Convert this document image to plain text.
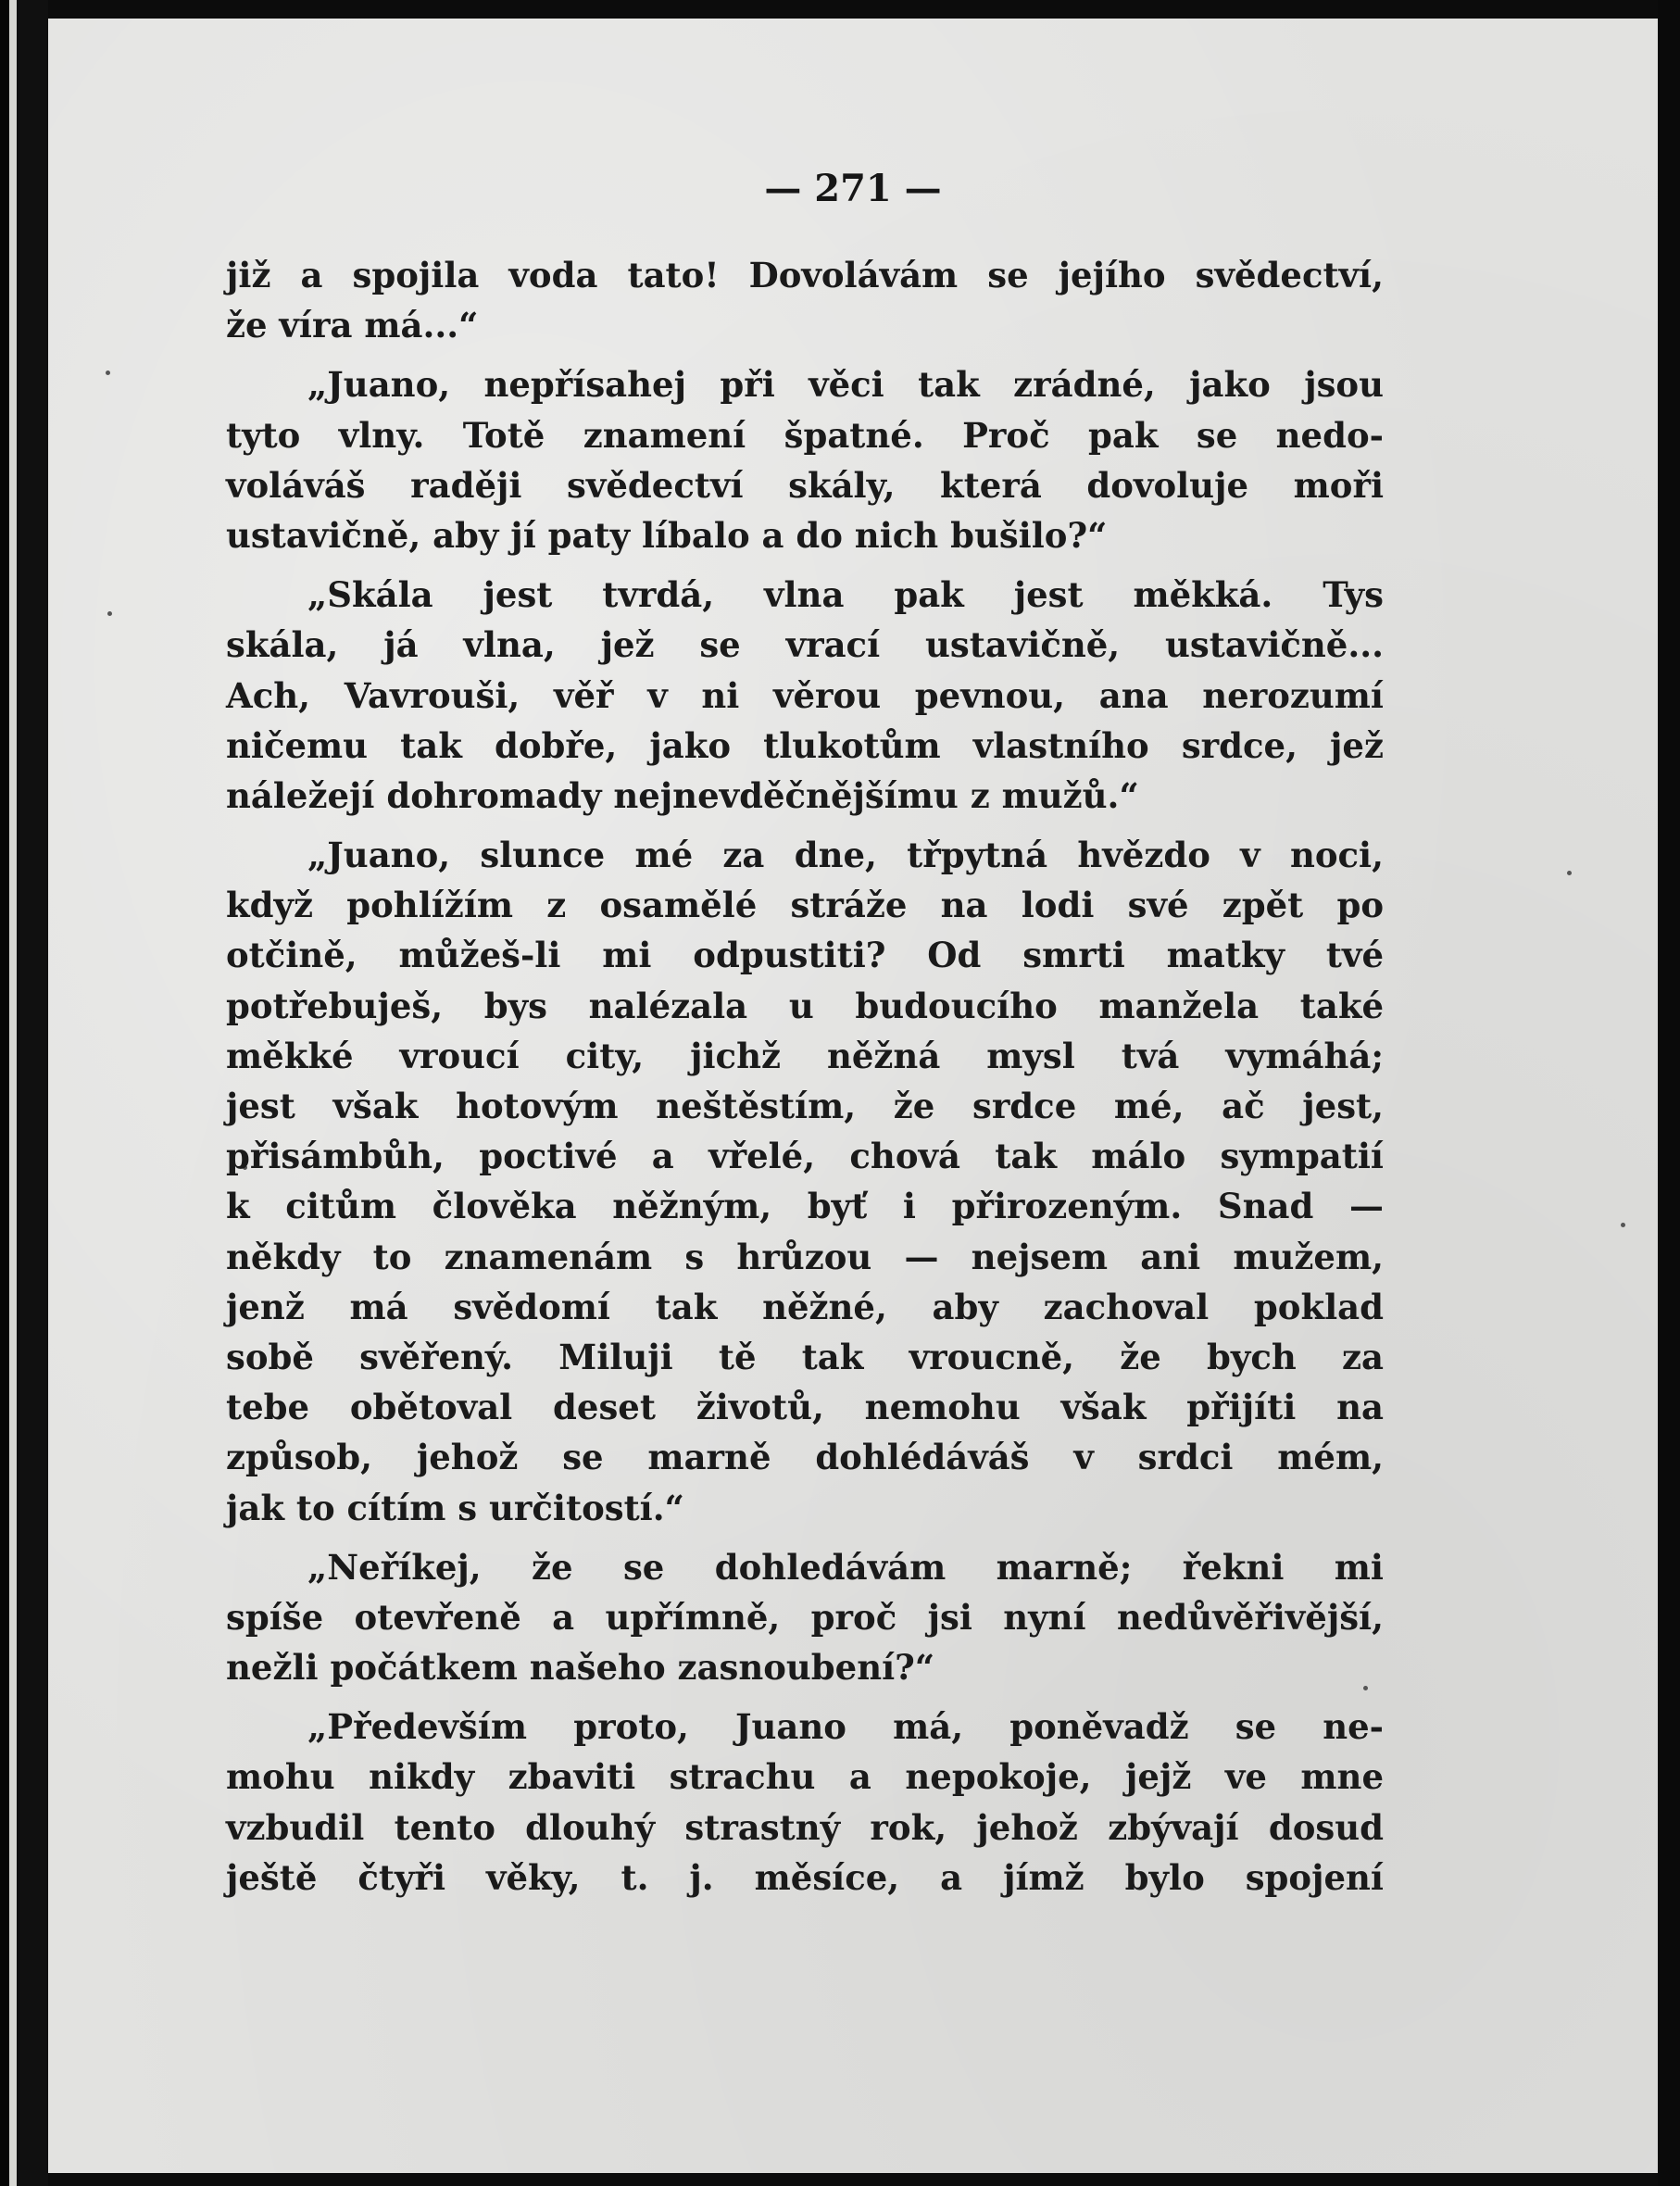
— 271 —
již a spojila voda tato! Dovolávám se jejího svědectví,
že víra má...“
„Juano, nepřísahej při věci tak zrádné, jako jsou
tyto vlny. Totě znamení špatné. Proč pak se nedo-
voláváš raději svědectví skály, která dovoluje moři
ustavičně, aby jí paty líbalo a do nich bušilo?“
„Skála jest tvrdá, vlna pak jest měkká. Tys
skála, já vlna, jež se vrací ustavičně, ustavičně...
Ach, Vavrouši, věř v ni věrou pevnou, ana nerozumí
ničemu tak dobře, jako tlukotům vlastního srdce, jež
náležejí dohromady nejnevděčnějšímu z mužů.“
„Juano, slunce mé za dne, třpytná hvězdo v noci,
když pohlížím z osamělé stráže na lodi své zpět po
otčině, můžeš-li mi odpustiti? Od smrti matky tvé
potřebuješ, bys nalézala u budoucího manžela také
měkké vroucí city, jichž něžná mysl tvá vymáhá;
jest však hotovým neštěstím, že srdce mé, ač jest,
přisámbůh, poctivé a vřelé, chová tak málo sympatií
k citům člověka něžným, byť i přirozeným. Snad —
někdy to znamenám s hrůzou — nejsem ani mužem,
jenž má svědomí tak něžné, aby zachoval poklad
sobě svěřený. Miluji tě tak vroucně, že bych za
tebe obětoval deset životů, nemohu však přijíti na
způsob, jehož se marně dohlédáváš v srdci mém,
jak to cítím s určitostí.“
„Neříkej, že se dohledávám marně; řekni mi
spíše otevřeně a upřímně, proč jsi nyní nedůvěřivější,
nežli počátkem našeho zasnoubení?“
„Především proto, Juano má, poněvadž se ne-
mohu nikdy zbaviti strachu a nepokoje, jejž ve mne
vzbudil tento dlouhý strastný rok, jehož zbývají dosud
ještě čtyři věky, t. j. měsíce, a jímž bylo spojení
